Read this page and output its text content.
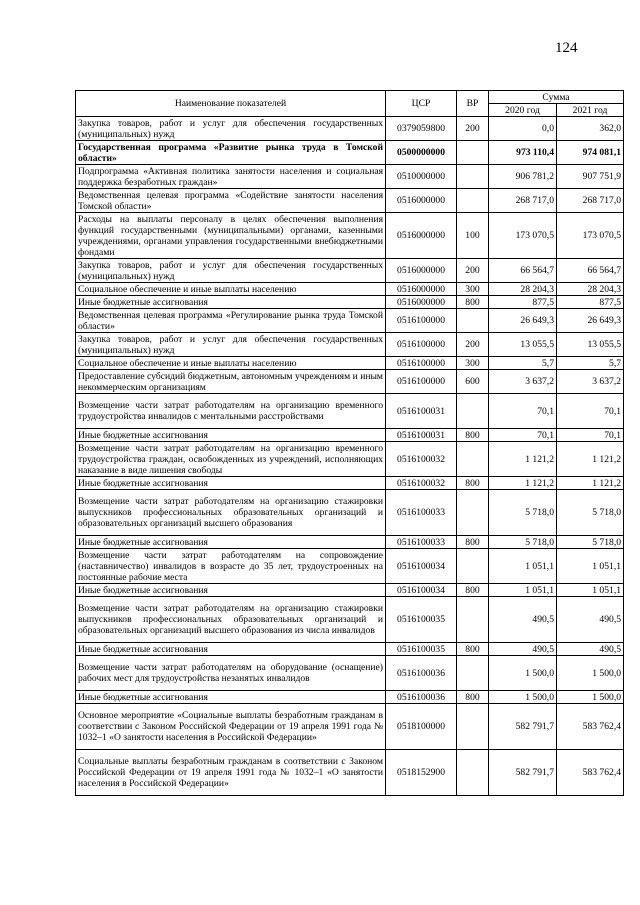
124
Наименование показателей	ЦСР	ВР	Сумма	
			2020 год	2021 год
Закупка товаров, работ и услуг для обеспечения государственных (муниципальных) нужд	0379059800	200	0,0	362,0
Государственная программа «Развитие рынка труда в Томской области»	0500000000		973 110,4	974 081,1
Подпрограмма «Активная политика занятости населения и социальная поддержка безработных граждан»	0510000000		906 781,2	907 751,9
Ведомственная целевая программа «Содействие занятости населения Томской области»	0516000000		268 717,0	268 717,0
Расходы на выплаты персоналу в целях обеспечения выполнения функций государственными (муниципальными) органами, казенными учреждениями, органами управления государственными внебюджетными фондами	0516000000	100	173 070,5	173 070,5
Закупка товаров, работ и услуг для обеспечения государственных (муниципальных) нужд	0516000000	200	66 564,7	66 564,7
Социальное обеспечение и иные выплаты населению	0516000000	300	28 204,3	28 204,3
Иные бюджетные ассигнования	0516000000	800	877,5	877,5
Ведомственная целевая программа «Регулирование рынка труда Томской области»	0516100000		26 649,3	26 649,3
Закупка товаров, работ и услуг для обеспечения государственных (муниципальных) нужд	0516100000	200	13 055,5	13 055,5
Социальное обеспечение и иные выплаты населению	0516100000	300	5,7	5,7
Предоставление субсидий бюджетным, автономным учреждениям и иным некоммерческим организациям	0516100000	600	3 637,2	3 637,2
Возмещение части затрат работодателям на организацию временного трудоустройства инвалидов с ментальными расстройствами	0516100031		70,1	70,1
Иные бюджетные ассигнования	0516100031	800	70,1	70,1
Возмещение части затрат работодателям на организацию временного трудоустройства граждан, освобожденных из учреждений, исполняющих наказание в виде лишения свободы	0516100032		1 121,2	1 121,2
Иные бюджетные ассигнования	0516100032	800	1 121,2	1 121,2
Возмещение части затрат работодателям на организацию стажировки выпускников профессиональных образовательных организаций и образовательных организаций высшего образования	0516100033		5 718,0	5 718,0
Иные бюджетные ассигнования	0516100033	800	5 718,0	5 718,0
Возмещение части затрат работодателям на сопровождение (наставничество) инвалидов в возрасте до 35 лет, трудоустроенных на постоянные рабочие места	0516100034		1 051,1	1 051,1
Иные бюджетные ассигнования	0516100034	800	1 051,1	1 051,1
Возмещение части затрат работодателям на организацию стажировки выпускников профессиональных образовательных организаций и образовательных организаций высшего образования из числа инвалидов	0516100035		490,5	490,5
Иные бюджетные ассигнования	0516100035	800	490,5	490,5
Возмещение части затрат работодателям на оборудование (оснащение) рабочих мест для трудоустройства незанятых инвалидов	0516100036		1 500,0	1 500,0
Иные бюджетные ассигнования	0516100036	800	1 500,0	1 500,0
Основное мероприятие «Социальные выплаты безработным гражданам в соответствии с Законом Российской Федерации от 19 апреля 1991 года № 1032–1 «О занятости населения в Российской Федерации»	0518100000		582 791,7	583 762,4
Социальные выплаты безработным гражданам в соответствии с Законом Российской Федерации от 19 апреля 1991 года № 1032–1 «О занятости населения в Российской Федерации»	0518152900		582 791,7	583 762,4
